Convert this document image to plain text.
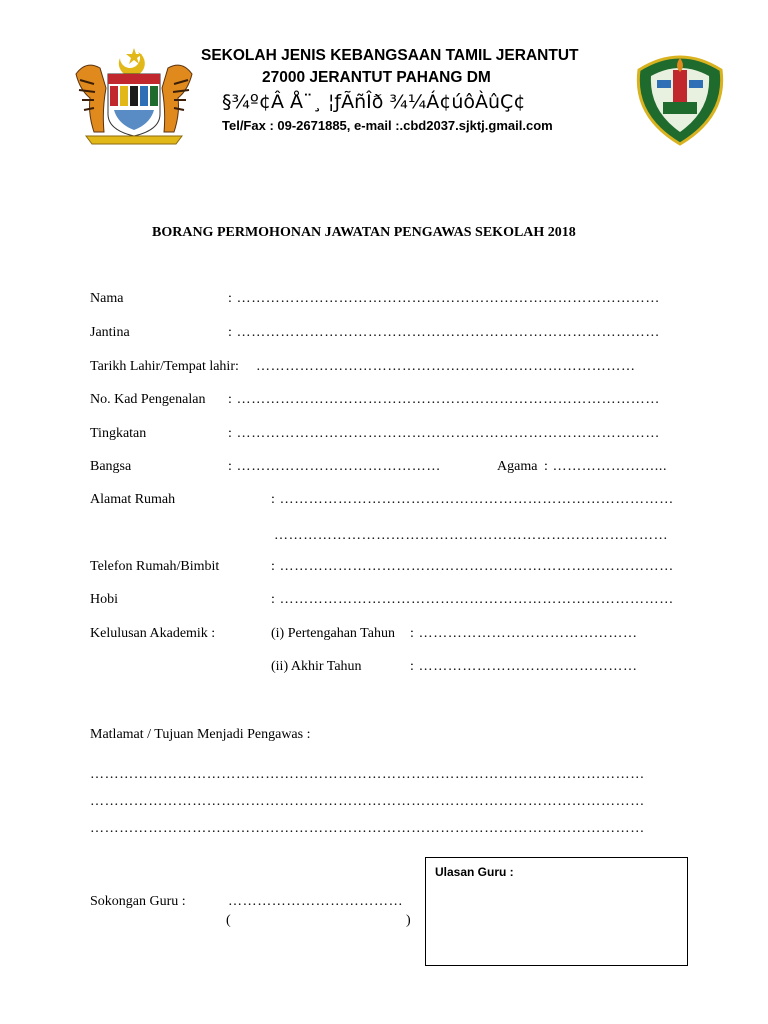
SEKOLAH JENIS KEBANGSAAN TAMIL JERANTUT
27000 JERANTUT PAHANG DM
§¾º¢Â Å¨¸ ¦ƒÃñÎð ¾¼Á¢úôÀûÇ¢
Tel/Fax : 09-2671885, e-mail :.cbd2037.sjktj.gmail.com
BORANG PERMOHONAN JAWATAN PENGAWAS SEKOLAH 2018
Nama	: ……………………………………………………………………………
Jantina	: ……………………………………………………………………………
Tarikh Lahir/Tempat lahir: ……………………………………………………………………
No. Kad Pengenalan : ……………………………………………………………………………
Tingkatan	: ……………………………………………………………………………
Bangsa	: ……………………………………	Agama : …………………...
Alamat Rumah	: ………………………………………………………………………
………………………………………………………………………
Telefon Rumah/Bimbit	: ………………………………………………………………………
Hobi	: ………………………………………………………………………
Kelulusan Akademik :	(i) Pertengahan Tahun : ………………………………………
(ii) Akhir Tahun	: ………………………………………
Matlamat / Tujuan Menjadi Pengawas :
……………………………………………………………………………………………………
……………………………………………………………………………………………………
……………………………………………………………………………………………………
Sokongan Guru :	………………………………
(	)
Ulasan Guru :
